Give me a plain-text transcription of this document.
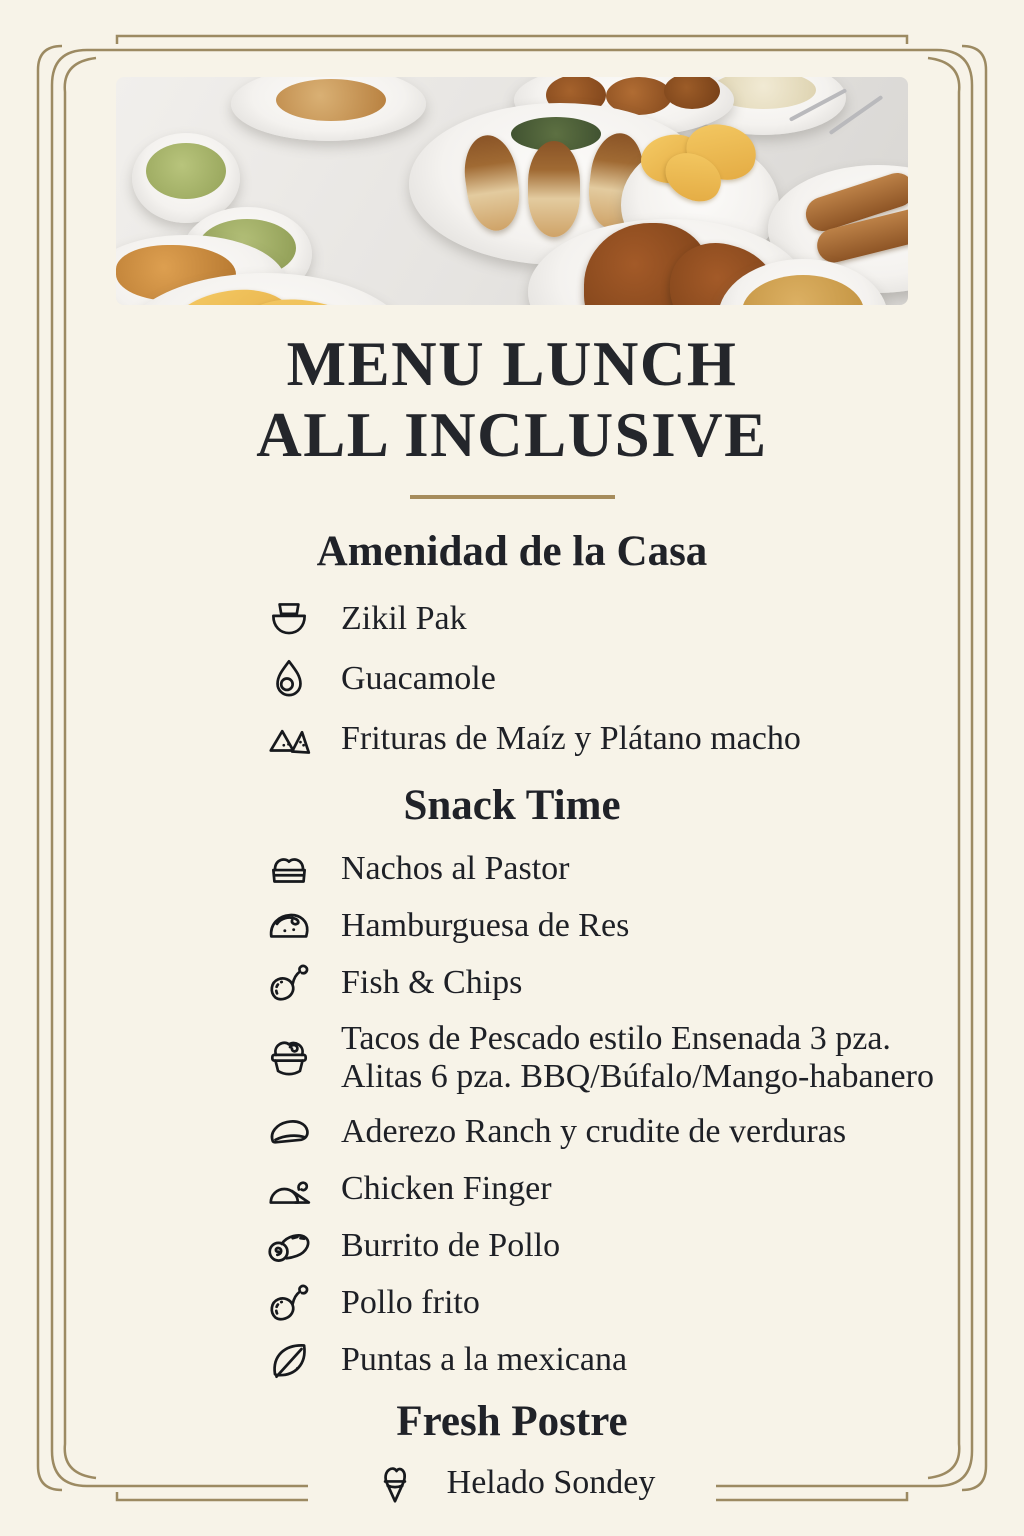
MENU LUNCH
ALL INCLUSIVE
Amenidad de la Casa
Zikil Pak
Guacamole
Frituras de Maíz y Plátano macho
Snack Time
Nachos al Pastor
Hamburguesa de Res
Fish & Chips
Tacos de Pescado estilo Ensenada 3 pza.
Alitas 6 pza. BBQ/Búfalo/Mango-habanero
Aderezo Ranch y crudite de verduras
Chicken Finger
Burrito de Pollo
Pollo frito
Puntas a la mexicana
Fresh Postre
Helado Sondey
